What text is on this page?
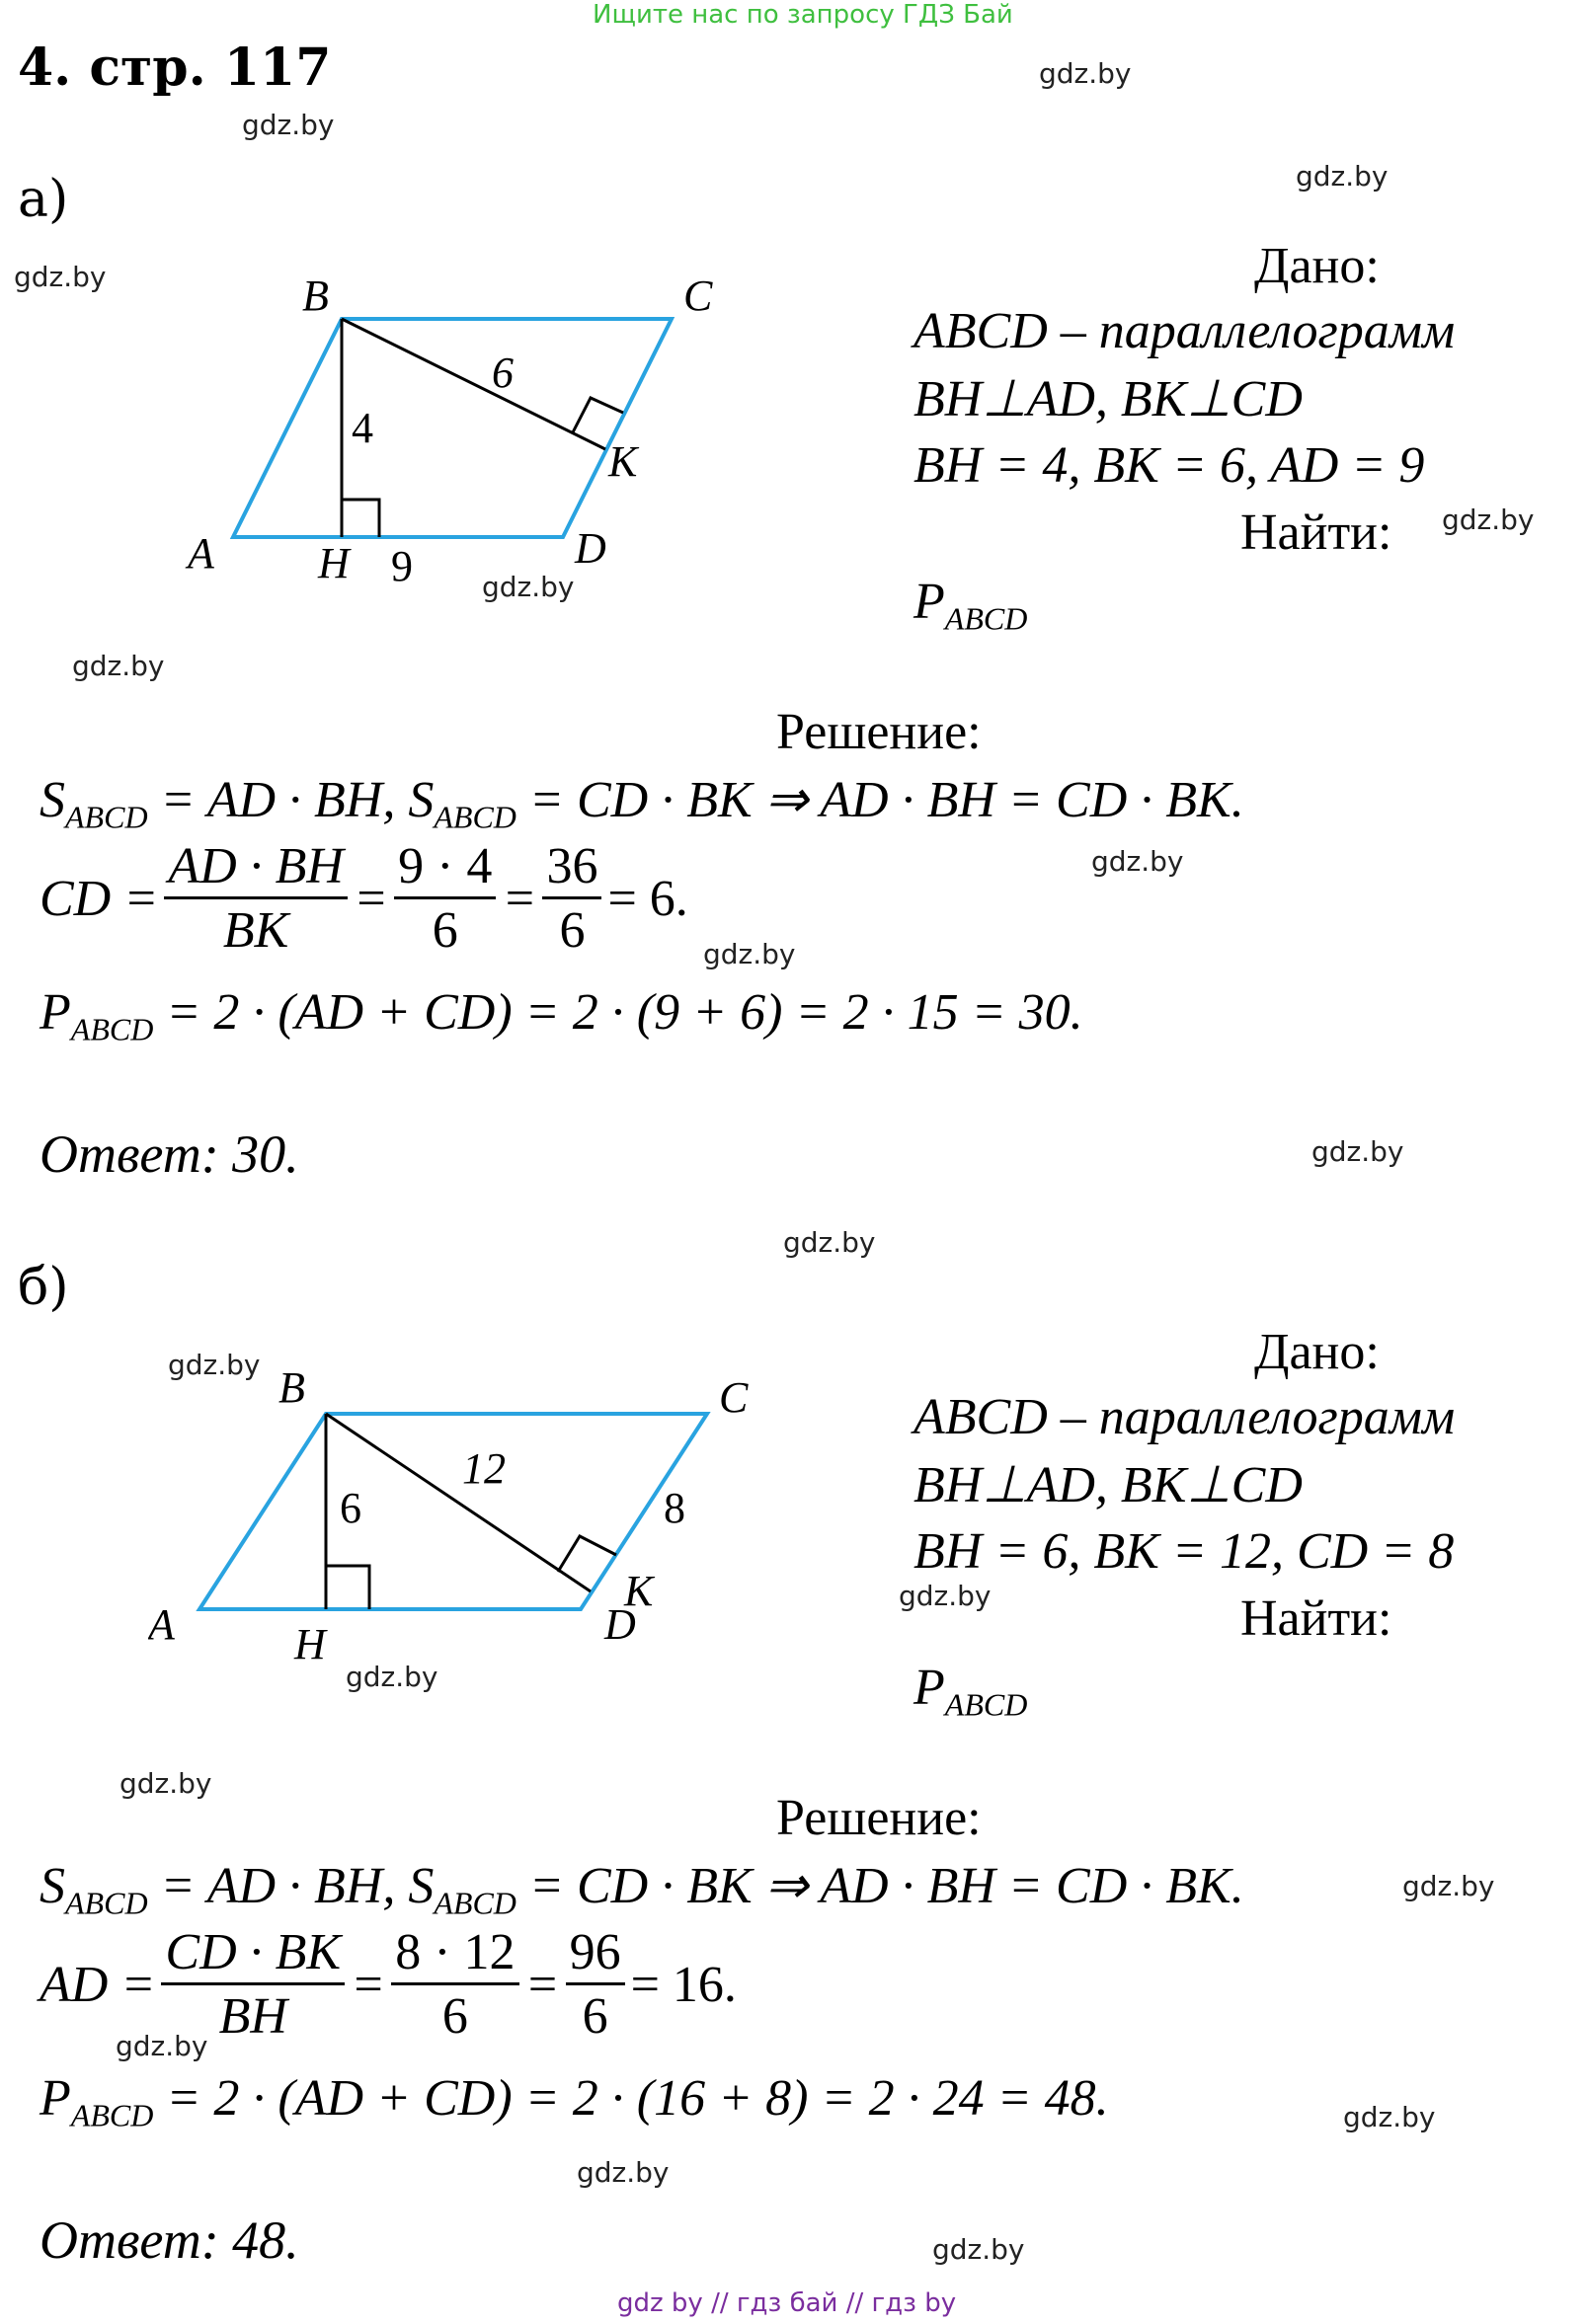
Ищите нас по запросу ГДЗ Бай
gdz by // гдз бай // гдз by
4. стр. 117	gdz.by
gdz.by
gdz.by
gdz.by
gdz.by
gdz.by
gdz.by
gdz.by
gdz.by
gdz.by
gdz.by
gdz.by
gdz.by
gdz.by
gdz.by
gdz.by
gdz.by
gdz.by
gdz.by
gdz.by
а)
A
B	C
D
H
K
4
6
9
Дано:
ABCD – параллелограмм
BH⊥AD, BK⊥CD
BH = 4, BK = 6, AD = 9
Найти:
$P_{ABCD}$
Решение:
$S_{ABCD}$ = AD · BH, $S_{ABCD}$ = CD · BK ⇒ AD · BH = CD · BK.
CD = $\frac{AD \cdot BH}{BK} = \frac{9 \cdot 4}{6} = \frac{36}{6} = 6$.
$P_{ABCD} = 2 \cdot (AD + CD) = 2 \cdot (9 + 6) = 2 \cdot 15 = 30$.
Ответ: 30.
б)
A
B	C
D
H
K
6
12
8
Дано:
ABCD – параллелограмм
BH⊥AD, BK⊥CD
BH = 6, BK = 12, CD = 8
Найти:
$P_{ABCD}$
Решение:
$S_{ABCD}$ = AD · BH, $S_{ABCD}$ = CD · BK ⇒ AD · BH = CD · BK.
AD = $\frac{CD \cdot BK}{BH} = \frac{8 \cdot 12}{6} = \frac{96}{6} = 16$.
$P_{ABCD} = 2 \cdot (AD + CD) = 2 \cdot (16 + 8) = 2 \cdot 24 = 48$.
Ответ: 48.
